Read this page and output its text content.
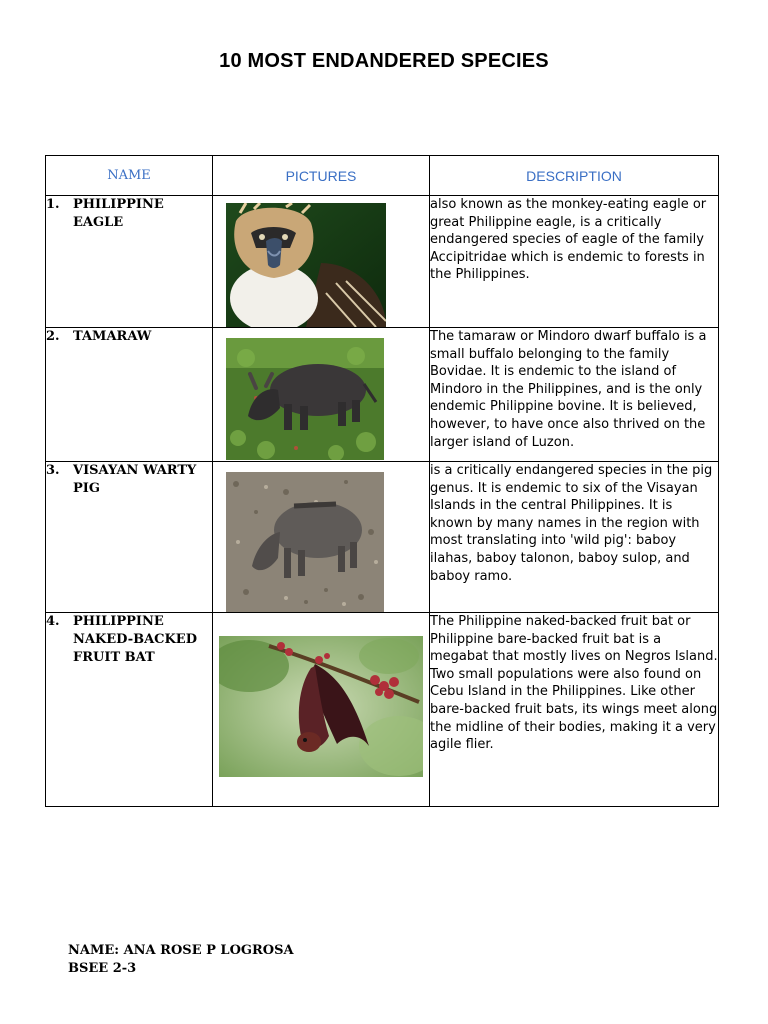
10 MOST ENDANDERED SPECIES
NAME	PICTURES	DESCRIPTION

1. PHILIPPINE EAGLE		also known as the monkey-eating eagle or great Philippine eagle, is a critically endangered species of eagle of the family Accipitridae which is endemic to forests in the Philippines.

2. TAMARAW		The tamaraw or Mindoro dwarf buffalo is a small buffalo belonging to the family Bovidae. It is endemic to the island of Mindoro in the Philippines, and is the only endemic Philippine bovine. It is believed, however, to have once also thrived on the larger island of Luzon.

3. VISAYAN WARTY PIG		is a critically endangered species in the pig genus. It is endemic to six of the Visayan Islands in the central Philippines. It is known by many names in the region with most translating into 'wild pig': baboy ilahas, baboy talonon, baboy sulop, and baboy ramo.

4. PHILIPPINE NAKED-BACKED FRUIT BAT		The Philippine naked-backed fruit bat or Philippine bare-backed fruit bat is a megabat that mostly lives on Negros Island. Two small populations were also found on Cebu Island in the Philippines. Like other bare-backed fruit bats, its wings meet along the midline of their bodies, making it a very agile flier.
NAME: ANA ROSE P LOGROSA
BSEE 2-3
